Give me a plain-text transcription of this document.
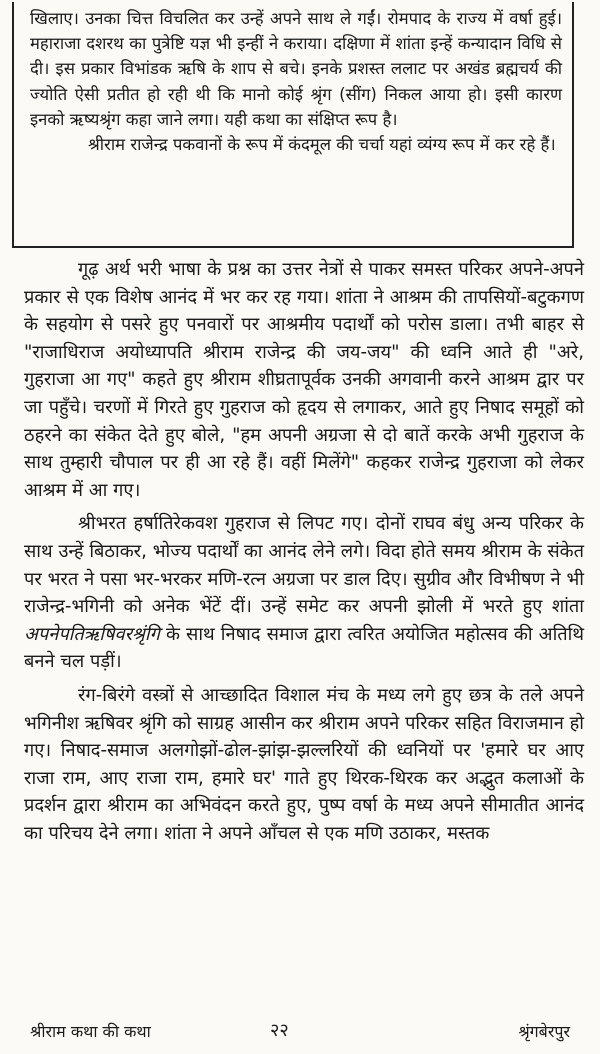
खिलाए। उनका चित्त विचलित कर उन्हें अपने साथ ले गईं। रोमपाद के राज्य में वर्षा हुई। महाराजा दशरथ का पुत्रेष्टि यज्ञ भी इन्हीं ने कराया। दक्षिणा में शांता इन्हें कन्यादान विधि से दी। इस प्रकार विभांडक ऋषि के शाप से बचे। इनके प्रशस्त ललाट पर अखंड ब्रह्मचर्य की ज्योति ऐसी प्रतीत हो रही थी कि मानो कोई श्रृंग (सींग) निकल आया हो। इसी कारण इनको ऋष्यश्रृंग कहा जाने लगा। यही कथा का संक्षिप्त रूप है।

श्रीराम राजेन्द्र पकवानों के रूप में कंदमूल की चर्चा यहां व्यंग्य रूप में कर रहे हैं।

गूढ़ अर्थ भरी भाषा के प्रश्न का उत्तर नेत्रों से पाकर समस्त परिकर अपने-अपने प्रकार से एक विशेष आनंद में भर कर रह गया। शांता ने आश्रम की तापसियों-बटुकगण के सहयोग से पसरे हुए पनवारों पर आश्रमीय पदार्थों को परोस डाला। तभी बाहर से "राजाधिराज अयोध्यापति श्रीराम राजेन्द्र की जय-जय" की ध्वनि आते ही "अरे, गुहराजा आ गए" कहते हुए श्रीराम शीघ्रतापूर्वक उनकी अगवानी करने आश्रम द्वार पर जा पहुँचे। चरणों में गिरते हुए गुहराज को हृदय से लगाकर, आते हुए निषाद समूहों को ठहरने का संकेत देते हुए बोले, "हम अपनी अग्रजा से दो बातें करके अभी गुहराज के साथ तुम्हारी चौपाल पर ही आ रहे हैं। वहीं मिलेंगे" कहकर राजेन्द्र गुहराजा को लेकर आश्रम में आ गए।

श्रीभरत हर्षातिरेकवश गुहराज से लिपट गए। दोनों राघव बंधु अन्य परिकर के साथ उन्हें बिठाकर, भोज्य पदार्थों का आनंद लेने लगे। विदा होते समय श्रीराम के संकेत पर भरत ने पसा भर-भरकर मणि-रत्न अग्रजा पर डाल दिए। सुग्रीव और विभीषण ने भी राजेन्द्र-भगिनी को अनेक भेंटें दीं। उन्हें समेट कर अपनी झोली में भरते हुए शांता अपनेपतिऋषिवरश्रृंगि के साथ निषाद समाज द्वारा त्वरित अयोजित महोत्सव की अतिथि बनने चल पड़ीं।

रंग-बिरंगे वस्त्रों से आच्छादित विशाल मंच के मध्य लगे हुए छत्र के तले अपने भगिनीश ऋषिवर श्रृंगि को साग्रह आसीन कर श्रीराम अपने परिकर सहित विराजमान हो गए। निषाद-समाज अलगोझों-ढोल-झांझ-झल्लरियों की ध्वनियों पर 'हमारे घर आए राजा राम, आए राजा राम, हमारे घर' गाते हुए थिरक-थिरक कर अद्भुत कलाओं के प्रदर्शन द्वारा श्रीराम का अभिवंदन करते हुए, पुष्प वर्षा के मध्य अपने सीमातीत आनंद का परिचय देने लगा। शांता ने अपने आँचल से एक मणि उठाकर, मस्तक

श्रीराम कथा की कथा	२२	श्रृंगबेरपुर
